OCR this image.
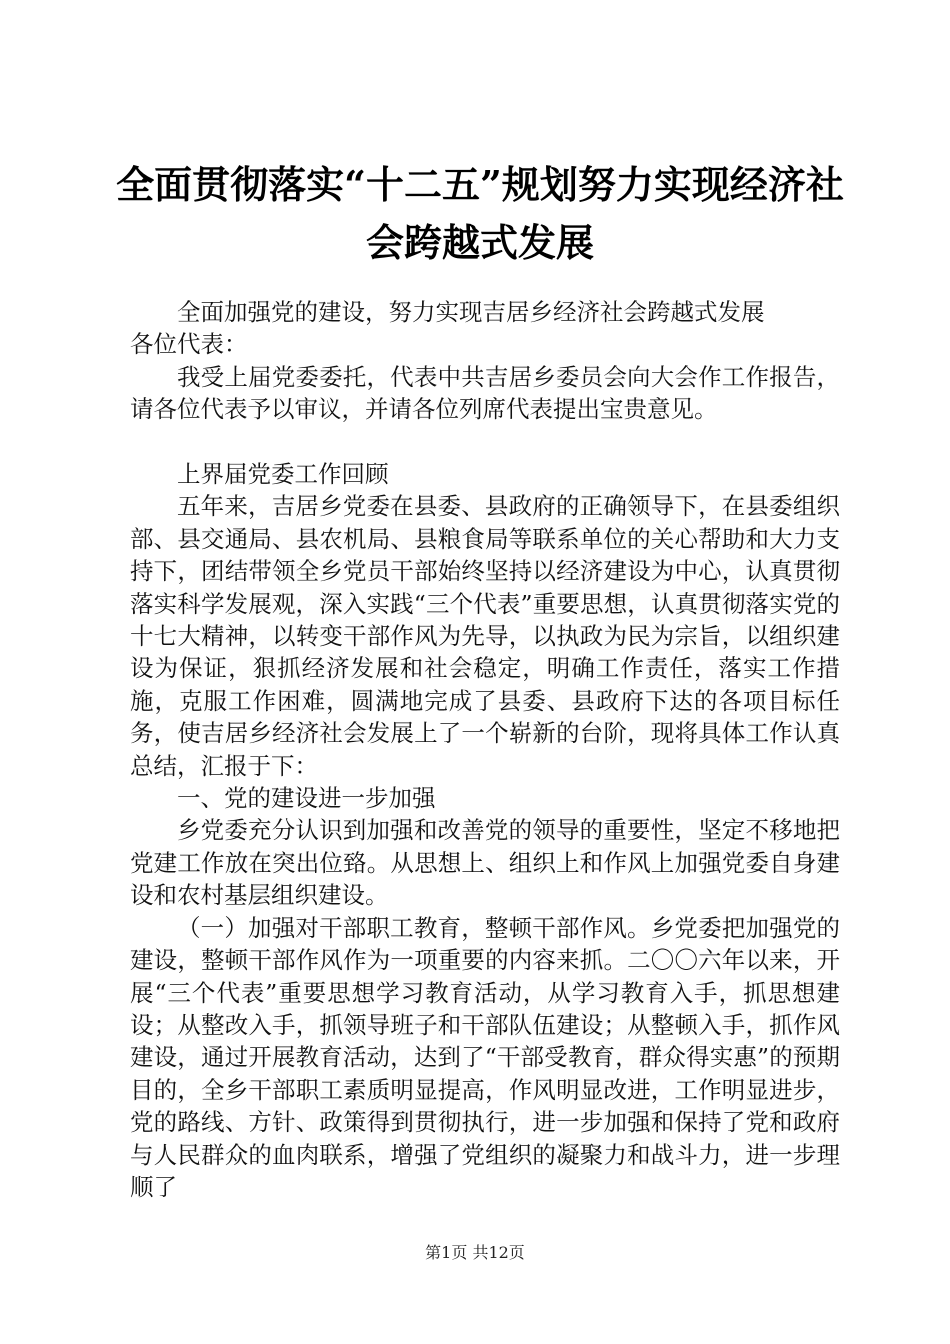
全面贯彻落实“十二五”规划努力实现经济社
会跨越式发展

全面加强党的建设，努力实现吉居乡经济社会跨越式发展

各位代表：

我受上届党委委托，代表中共吉居乡委员会向大会作工作报告，请各位代表予以审议，并请各位列席代表提出宝贵意见。

上界届党委工作回顾

五年来，吉居乡党委在县委、县政府的正确领导下，在县委组织部、县交通局、县农机局、县粮食局等联系单位的关心帮助和大力支持下，团结带领全乡党员干部始终坚持以经济建设为中心，认真贯彻落实科学发展观，深入实践“三个代表”重要思想，认真贯彻落实党的十七大精神，以转变干部作风为先导，以执政为民为宗旨，以组织建设为保证，狠抓经济发展和社会稳定，明确工作责任，落实工作措施，克服工作困难，圆满地完成了县委、县政府下达的各项目标任务，使吉居乡经济社会发展上了一个崭新的台阶，现将具体工作认真总结，汇报于下：

一、党的建设进一步加强

乡党委充分认识到加强和改善党的领导的重要性，坚定不移地把党建工作放在突出位臵。从思想上、组织上和作风上加强党委自身建设和农村基层组织建设。

（一）加强对干部职工教育，整顿干部作风。乡党委把加强党的建设，整顿干部作风作为一项重要的内容来抓。二〇〇六年以来，开展“三个代表”重要思想学习教育活动，从学习教育入手，抓思想建设；从整改入手，抓领导班子和干部队伍建设；从整顿入手，抓作风建设，通过开展教育活动，达到了“干部受教育，群众得实惠”的预期目的，全乡干部职工素质明显提高，作风明显改进，工作明显进步，党的路线、方针、政策得到贯彻执行，进一步加强和保持了党和政府与人民群众的血肉联系，增强了党组织的凝聚力和战斗力，进一步理顺了

第1页 共12页
